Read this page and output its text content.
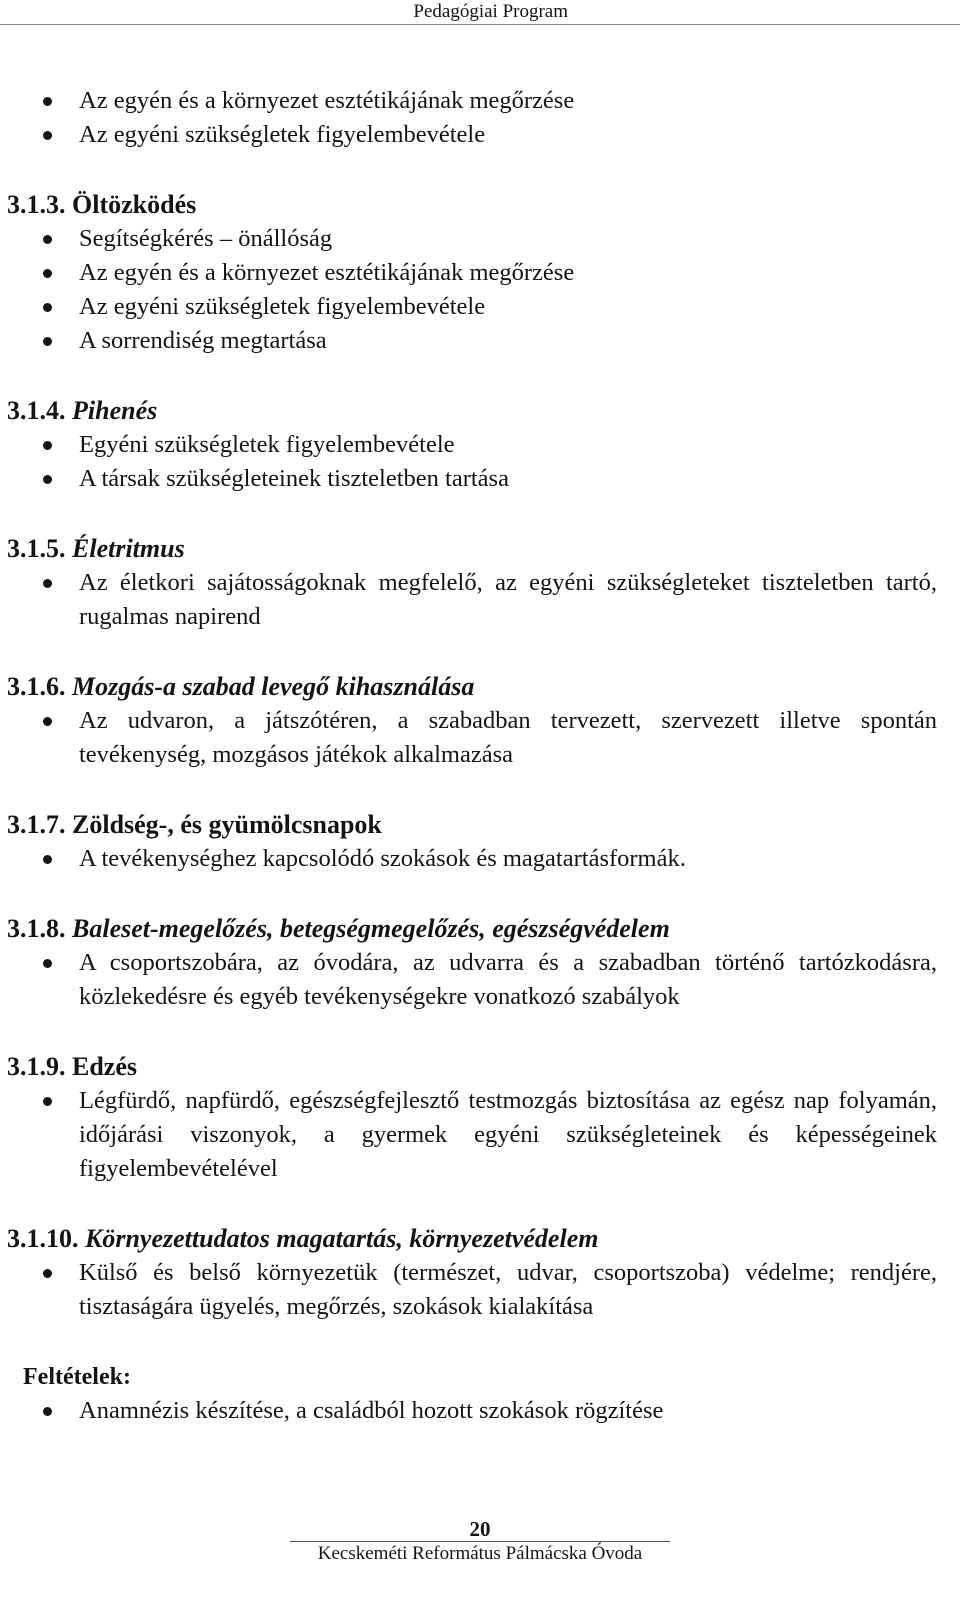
Pedagógiai Program
Az egyén és a környezet esztétikájának megőrzése
Az egyéni szükségletek figyelembevétele
3.1.3. Öltözködés
Segítségkérés – önállóság
Az egyén és a környezet esztétikájának megőrzése
Az egyéni szükségletek figyelembevétele
A sorrendiség megtartása
3.1.4. Pihenés
Egyéni szükségletek figyelembevétele
A társak szükségleteinek tiszteletben tartása
3.1.5. Életritmus
Az életkori sajátosságoknak megfelelő, az egyéni szükségleteket tiszteletben tartó, rugalmas napirend
3.1.6. Mozgás-a szabad levegő kihasználása
Az udvaron, a játszótéren, a szabadban tervezett, szervezett illetve spontán tevékenység, mozgásos játékok alkalmazása
3.1.7. Zöldség-, és gyümölcsnapok
A tevékenységhez kapcsolódó szokások és magatartásformák.
3.1.8. Baleset-megelőzés, betegségmegelőzés, egészségvédelem
A csoportszobára, az óvodára, az udvarra és a szabadban történő tartózkodásra, közlekedésre és egyéb tevékenységekre vonatkozó szabályok
3.1.9. Edzés
Légfürdő, napfürdő, egészségfejlesztő testmozgás biztosítása az egész nap folyamán, időjárási viszonyok, a gyermek egyéni szükségleteinek és képességeinek figyelembevételével
3.1.10. Környezettudatos magatartás, környezetvédelem
Külső és belső környezetük (természet, udvar, csoportszoba) védelme; rendjére, tisztaságára ügyelés, megőrzés, szokások kialakítása
Feltételek:
Anamnézis készítése, a családból hozott szokások rögzítése
20
Kecskeméti Református Pálmácska Óvoda
